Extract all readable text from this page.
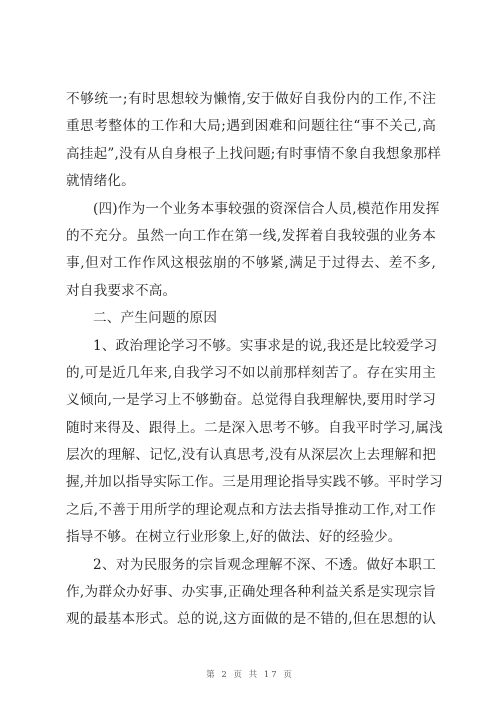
不够统一;有时思想较为懒惰,安于做好自我份内的工作,不注
重思考整体的工作和大局;遇到困难和问题往往“事不关己,高
高挂起”,没有从自身根子上找问题;有时事情不象自我想象那样
就情绪化。
(四)作为一个业务本事较强的资深信合人员,模范作用发挥
的不充分。虽然一向工作在第一线,发挥着自我较强的业务本
事,但对工作作风这根弦崩的不够紧,满足于过得去、差不多,
对自我要求不高。
二、产生问题的原因
1、政治理论学习不够。实事求是的说,我还是比较爱学习
的,可是近几年来,自我学习不如以前那样刻苦了。存在实用主
义倾向,一是学习上不够勤奋。总觉得自我理解快,要用时学习
随时来得及、跟得上。二是深入思考不够。自我平时学习,属浅
层次的理解、记忆,没有认真思考,没有从深层次上去理解和把
握,并加以指导实际工作。三是用理论指导实践不够。平时学习
之后,不善于用所学的理论观点和方法去指导推动工作,对工作
指导不够。在树立行业形象上,好的做法、好的经验少。
2、对为民服务的宗旨观念理解不深、不透。做好本职工
作,为群众办好事、办实事,正确处理各种利益关系是实现宗旨
观的最基本形式。总的说,这方面做的是不错的,但在思想的认
第 2 页 共 17 页
